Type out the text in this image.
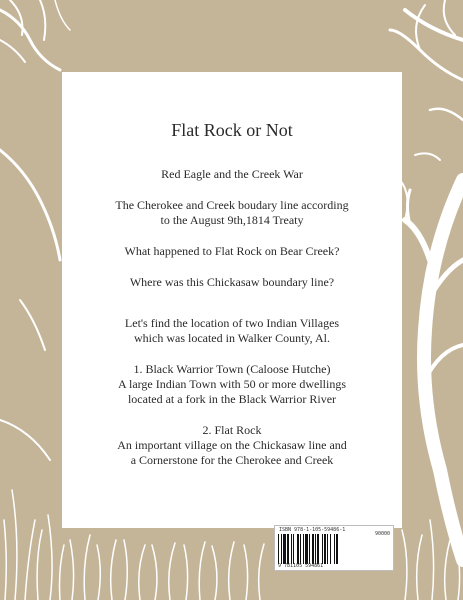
Flat Rock or Not

Red Eagle and the Creek War

The Cherokee and Creek boudary line according

to the August 9th,1814 Treaty

What happened to Flat Rock on Bear Creek?

Where was this Chickasaw boundary line?

Let's find the location of two Indian Villages

which was located in Walker County, Al.

1. Black Warrior Town (Caloose Hutche)

A large Indian Town with 50 or more dwellings

located at a fork in the Black Warrior River

2. Flat Rock

An important village on the Chickasaw line and

a Cornerstone for the Cherokee and Creek

ISBN 978-1-105-59486-1
90000
9 781105 594861
